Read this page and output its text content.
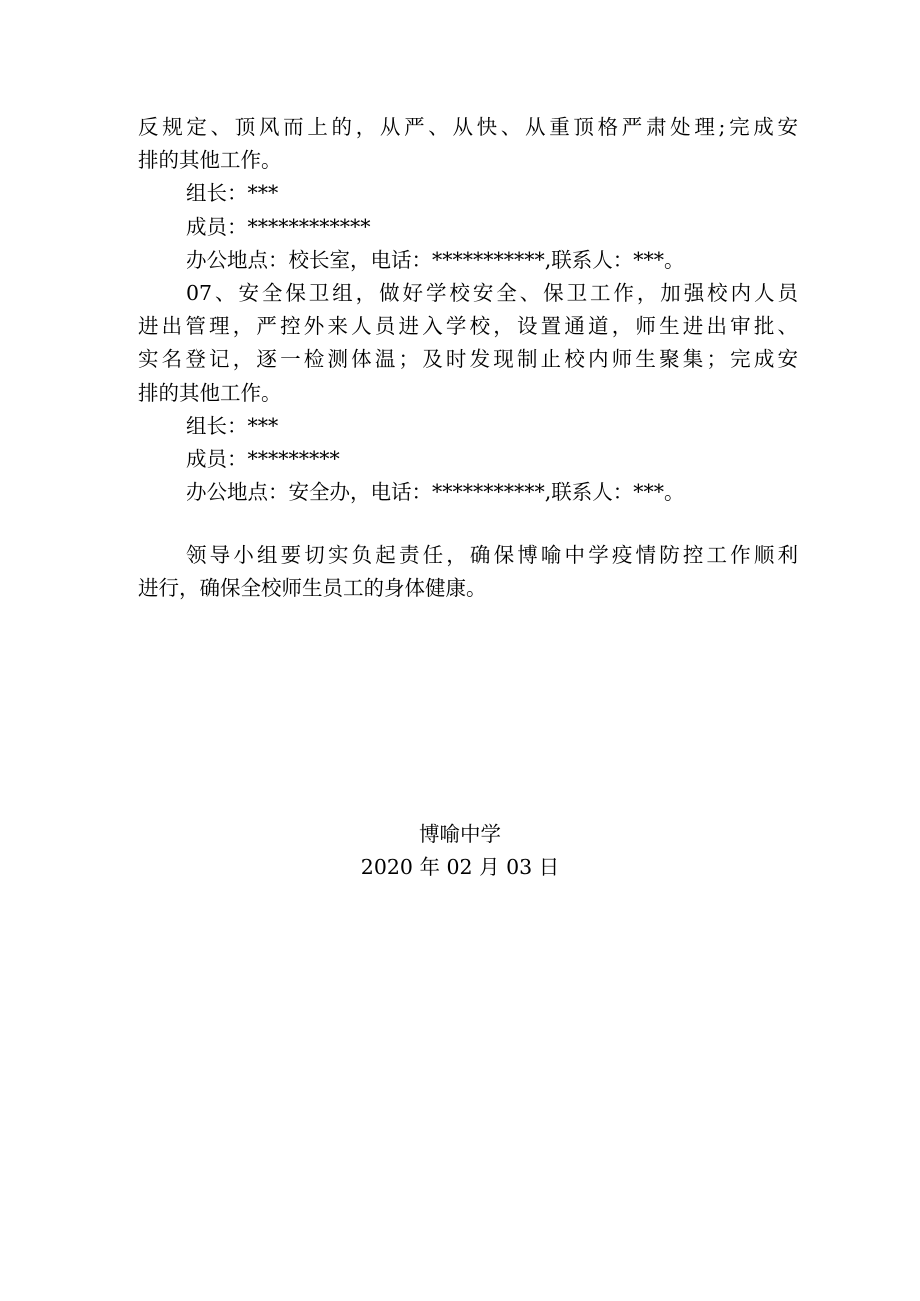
反规定、顶风而上的，从严、从快、从重顶格严肃处理;完成安
排的其他工作。
组长：***
成员：************
办公地点：校长室，电话：***********,联系人：***。
07、安全保卫组，做好学校安全、保卫工作，加强校内人员
进出管理，严控外来人员进入学校，设置通道，师生进出审批、
实名登记，逐一检测体温；及时发现制止校内师生聚集；完成安
排的其他工作。
组长：***
成员：*********
办公地点：安全办，电话：***********,联系人：***。
领导小组要切实负起责任，确保博喻中学疫情防控工作顺利
进行，确保全校师生员工的身体健康。
博喻中学
2020 年 02 月 03 日
